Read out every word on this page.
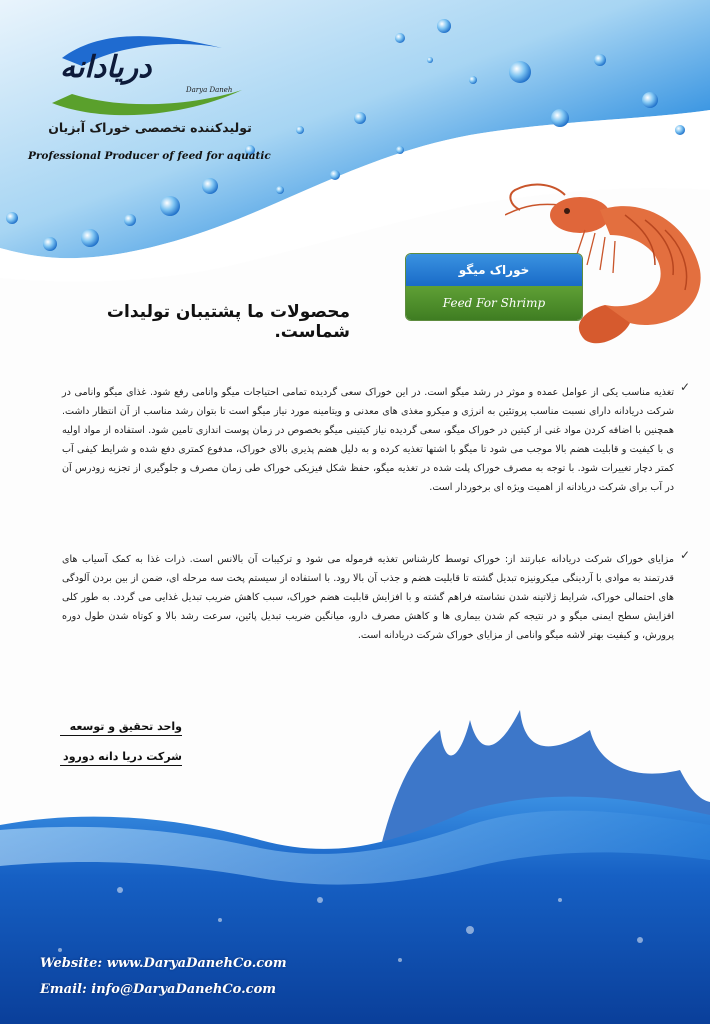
دریادانه
Darya Daneh
تولیدکننده تخصصی خوراک آبزیان
Professional Producer of feed for aquatic
خوراک میگو
Feed For Shrimp
محصولات ما پشتیبان تولیدات شماست.
✓
تغذیه مناسب یکی از عوامل عمده و موثر در رشد میگو است. در این خوراک سعی گردیده تمامی احتیاجات میگو وانامی رفع شود. غذای میگو وانامی در شرکت دریادانه دارای نسبت مناسب پروتئین به انرژی و میکرو مغذی های معدنی و ویتامینه مورد نیاز میگو است تا بتوان رشد مناسب از آن انتظار داشت. همچنین با اضافه کردن مواد غنی از کیتین در خوراک میگو، سعی گردیده نیاز کیتینی میگو بخصوص در زمان پوست اندازی تامین شود. استفاده از مواد اولیه ی با کیفیت و قابلیت هضم بالا موجب می شود تا میگو با اشتها تغذیه کرده و به دلیل هضم پذیری بالای خوراک، مدفوع کمتری دفع شده و شرایط کیفی آب کمتر دچار تغییرات شود. با توجه به مصرف خوراک پلت شده در تغذیه میگو، حفظ شکل فیزیکی خوراک طی زمان مصرف و جلوگیری از تجزیه زودرس آن در آب برای شرکت دریادانه از اهمیت ویژه ای برخوردار است.
✓
مزایای خوراک شرکت دریادانه عبارتند از: خوراک توسط کارشناس تغذیه فرموله می شود و ترکیبات آن بالانس است. ذرات غذا به کمک آسیاب های قدرتمند به موادی با آردینگی میکرونیزه تبدیل گشته تا قابلیت هضم و جذب آن بالا رود. با استفاده از سیستم پخت سه مرحله ای، ضمن از بین بردن آلودگی های احتمالی خوراک، شرایط ژلاتینه شدن نشاسته فراهم گشته و با افزایش قابلیت هضم خوراک، سبب کاهش ضریب تبدیل غذایی می گردد. به طور کلی افزایش سطح ایمنی میگو و در نتیجه کم شدن بیماری ها و کاهش مصرف دارو، میانگین ضریب تبدیل پائین، سرعت رشد بالا و کوتاه شدن طول دوره پرورش، و کیفیت بهتر لاشه میگو وانامی از مزایای خوراک شرکت دریادانه است.
واحد تحقیق و توسعه
شرکت دریا دانه دورود
Website: www.DaryaDanehCo.com
Email: info@DaryaDanehCo.com
